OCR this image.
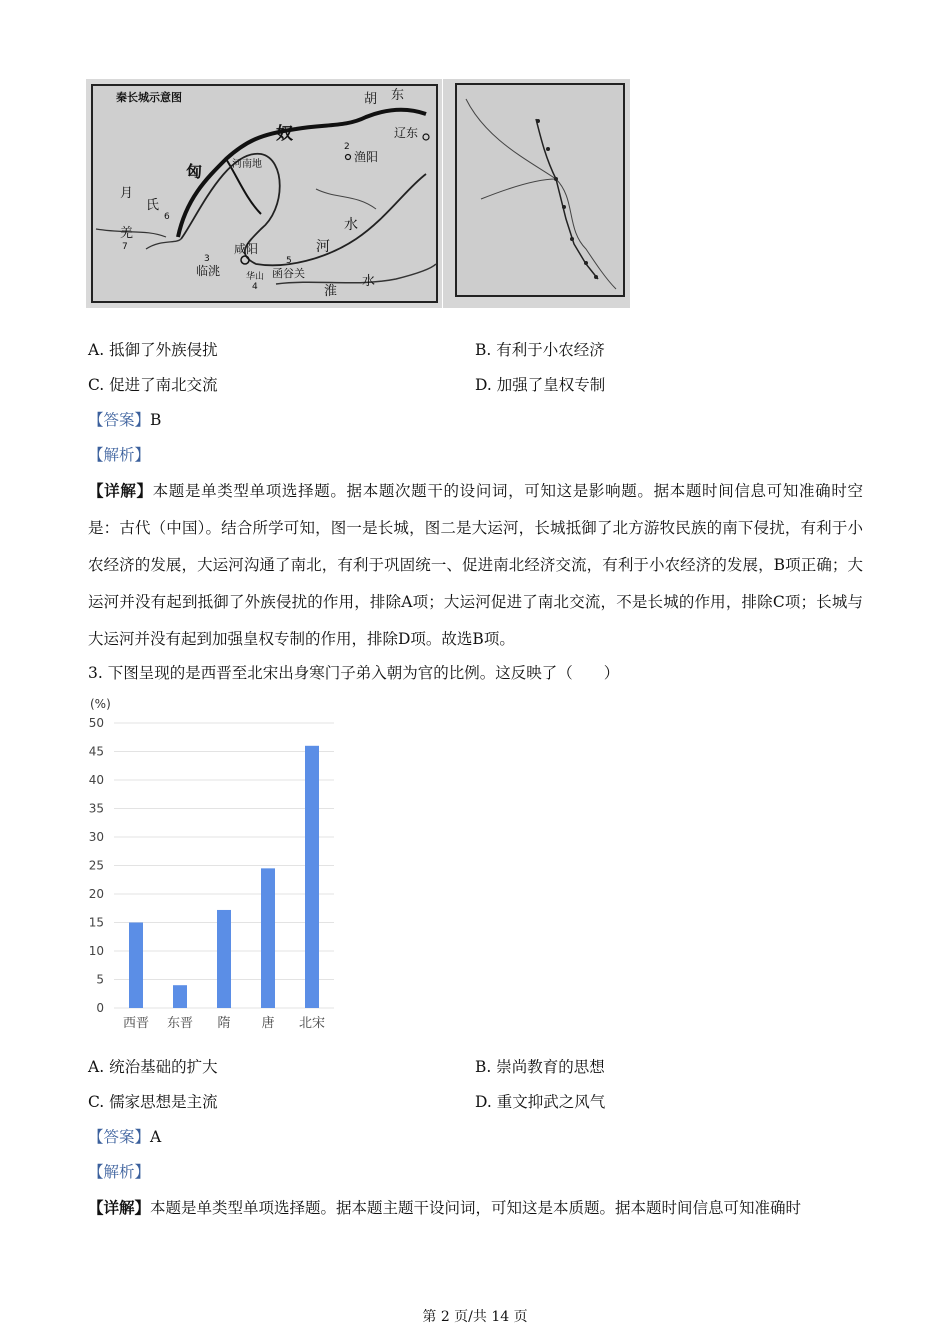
秦长城示意图	胡 东
奴	辽东
2
渔阳
匈	河南地
月
氏
6
羌
7	咸阳	河
水
3
临洮	华山
5
函谷关
4	淮
水
A. 抵御了外族侵扰	B. 有利于小农经济
C. 促进了南北交流	D. 加强了皇权专制
【答案】B
【解析】
【详解】本题是单类型单项选择题。据本题次题干的设问词，可知这是影响题。据本题时间信息可知准确时空是：古代（中国）。结合所学可知，图一是长城，图二是大运河，长城抵御了北方游牧民族的南下侵扰，有利于小农经济的发展，大运河沟通了南北，有利于巩固统一、促进南北经济交流，有利于小农经济的发展，B项正确；大运河并没有起到抵御了外族侵扰的作用，排除A项；大运河促进了南北交流，不是长城的作用，排除C项；长城与大运河并没有起到加强皇权专制的作用，排除D项。故选B项。
3. 下图呈现的是西晋至北宋出身寒门子弟入朝为官的比例。这反映了（　　）
(%)
0
5
10
15
20
25
30
35
40
45
50
西晋 东晋 隋 唐 北宋
A. 统治基础的扩大	B. 崇尚教育的思想
C. 儒家思想是主流	D. 重文抑武之风气
【答案】A
【解析】
【详解】本题是单类型单项选择题。据本题主题干设问词，可知这是本质题。据本题时间信息可知准确时
第 2 页/共 14 页
